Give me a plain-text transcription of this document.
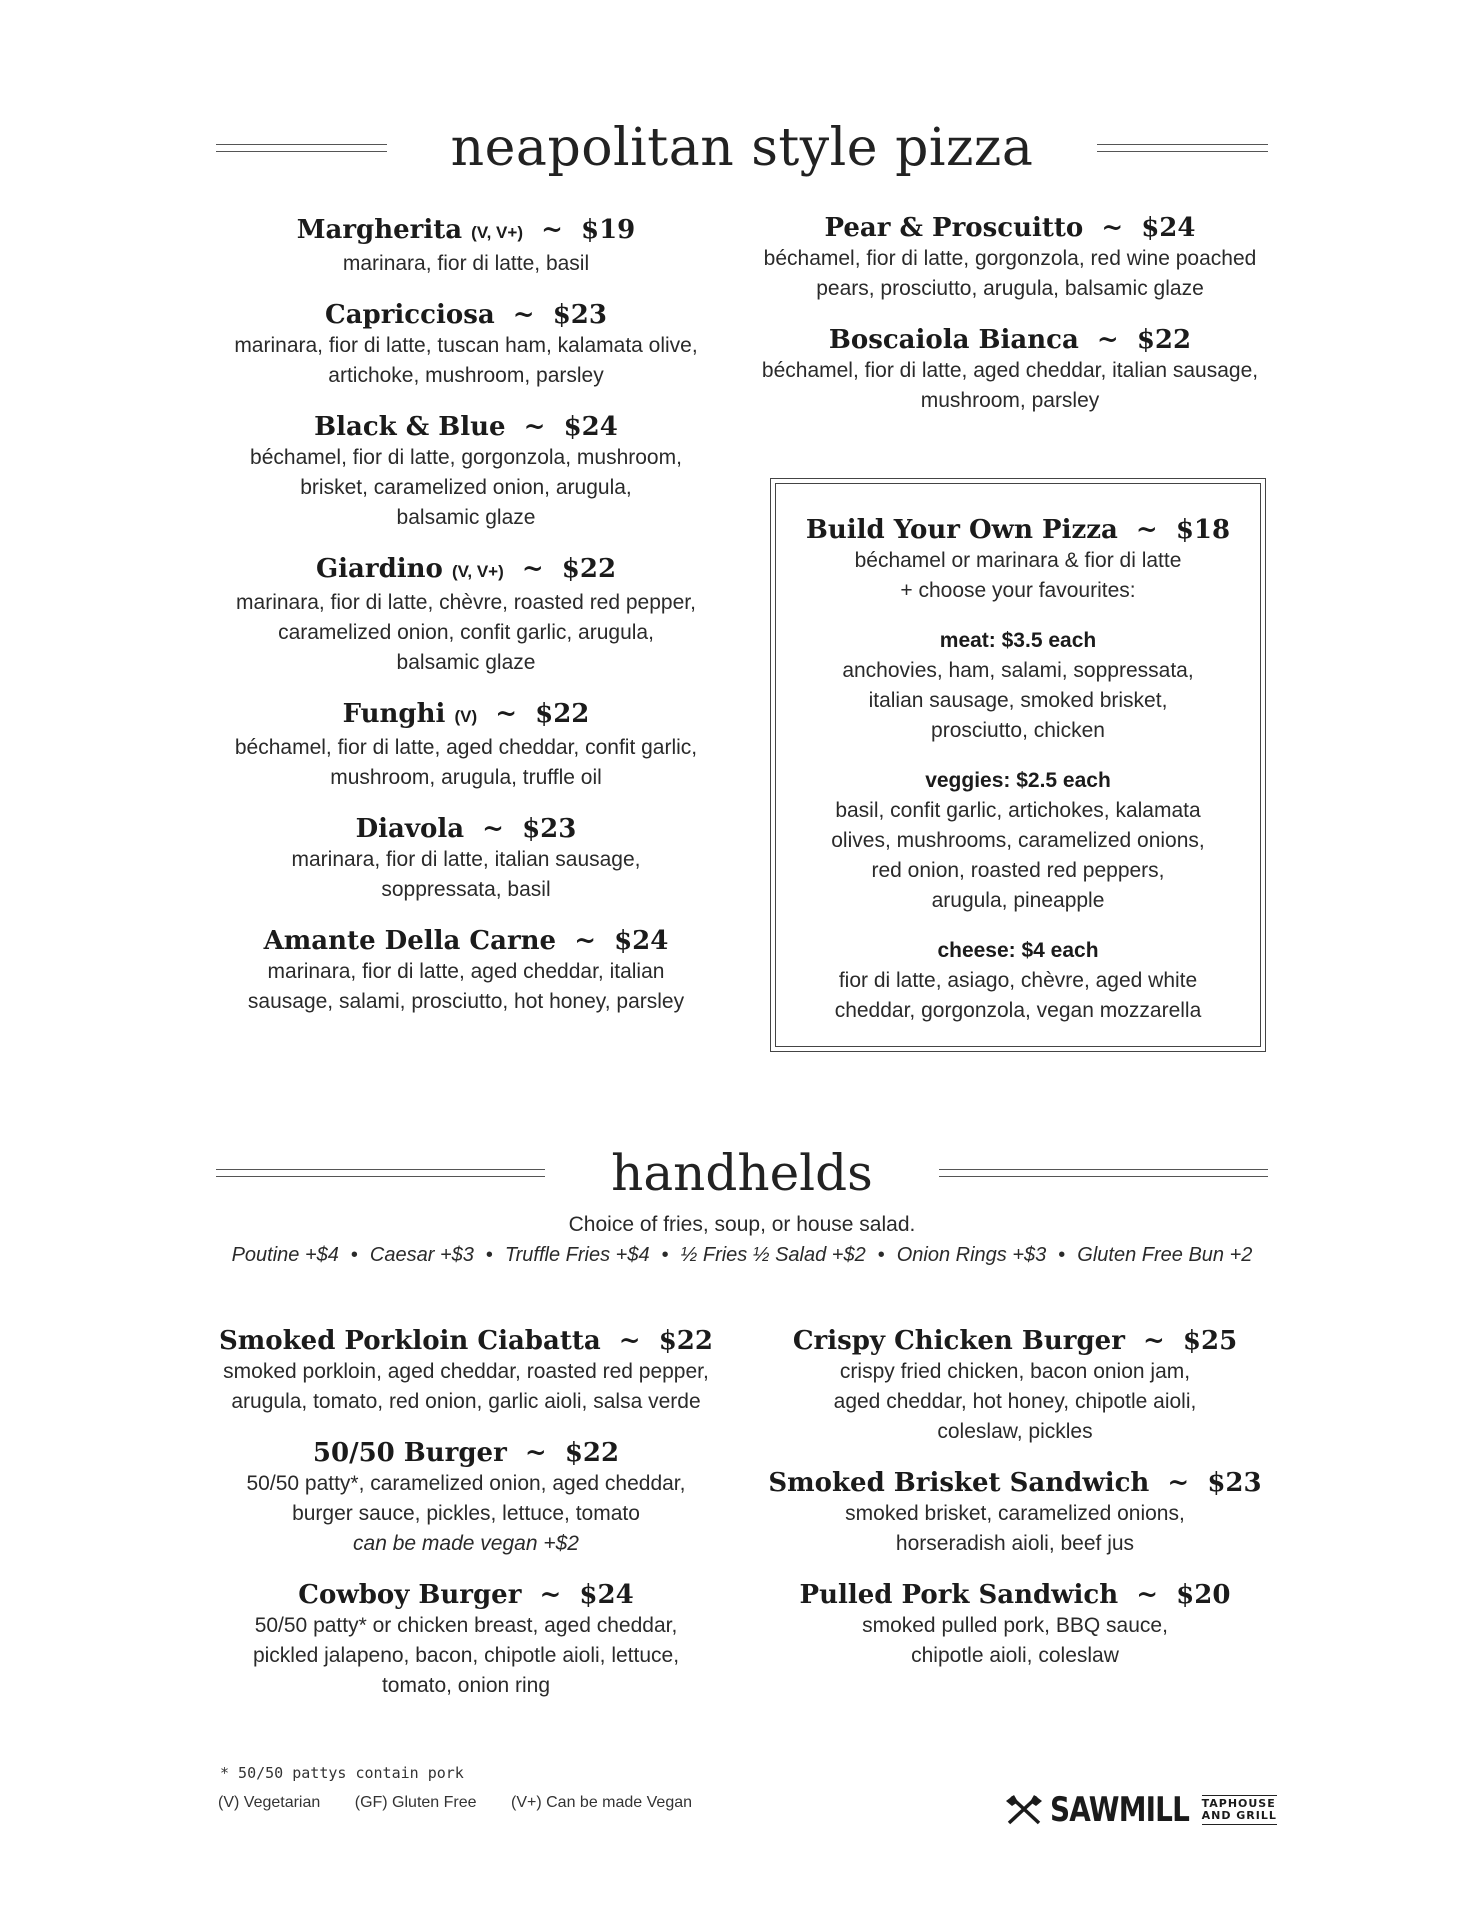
neapolitan style pizza
Margherita (V, V+)  ~  $19
marinara, fior di latte, basil
Capricciosa  ~  $23
marinara, fior di latte, tuscan ham, kalamata olive,
artichoke, mushroom, parsley
Black & Blue  ~  $24
béchamel, fior di latte, gorgonzola, mushroom,
brisket, caramelized onion, arugula,
balsamic glaze
Giardino (V, V+)  ~  $22
marinara, fior di latte, chèvre, roasted red pepper,
caramelized onion, confit garlic, arugula,
balsamic glaze
Funghi (V)  ~  $22
béchamel, fior di latte, aged cheddar, confit garlic,
mushroom, arugula, truffle oil
Diavola  ~  $23
marinara, fior di latte, italian sausage,
soppressata, basil
Amante Della Carne  ~  $24
marinara, fior di latte, aged cheddar, italian
sausage, salami, prosciutto, hot honey, parsley
Pear & Proscuitto  ~  $24
béchamel, fior di latte, gorgonzola, red wine poached
pears, prosciutto, arugula, balsamic glaze
Boscaiola Bianca  ~  $22
béchamel, fior di latte, aged cheddar, italian sausage,
mushroom, parsley
Build Your Own Pizza  ~  $18
béchamel or marinara & fior di latte
+ choose your favourites:
meat: $3.5 each
anchovies, ham, salami, soppressata,
italian sausage, smoked brisket,
prosciutto, chicken
veggies: $2.5 each
basil, confit garlic, artichokes, kalamata
olives, mushrooms, caramelized onions,
red onion, roasted red peppers,
arugula, pineapple
cheese: $4 each
fior di latte, asiago, chèvre, aged white
cheddar, gorgonzola, vegan mozzarella
handhelds
Choice of fries, soup, or house salad.
Poutine +$4 • Caesar +$3 • Truffle Fries +$4 • ½ Fries ½ Salad +$2 • Onion Rings +$3 • Gluten Free Bun +2
Smoked Porkloin Ciabatta  ~  $22
smoked porkloin, aged cheddar, roasted red pepper,
arugula, tomato, red onion, garlic aioli, salsa verde
50/50 Burger  ~  $22
50/50 patty*, caramelized onion, aged cheddar,
burger sauce, pickles, lettuce, tomato
can be made vegan +$2
Cowboy Burger  ~  $24
50/50 patty* or chicken breast, aged cheddar,
pickled jalapeno, bacon, chipotle aioli, lettuce,
tomato, onion ring
Crispy Chicken Burger  ~  $25
crispy fried chicken, bacon onion jam,
aged cheddar, hot honey, chipotle aioli,
coleslaw, pickles
Smoked Brisket Sandwich  ~  $23
smoked brisket, caramelized onions,
horseradish aioli, beef jus
Pulled Pork Sandwich  ~  $20
smoked pulled pork, BBQ sauce,
chipotle aioli, coleslaw
* 50/50 pattys contain pork
(V) Vegetarian (GF) Gluten Free (V+) Can be made Vegan	SAWMILL TAPHOUSE
AND GRILL
